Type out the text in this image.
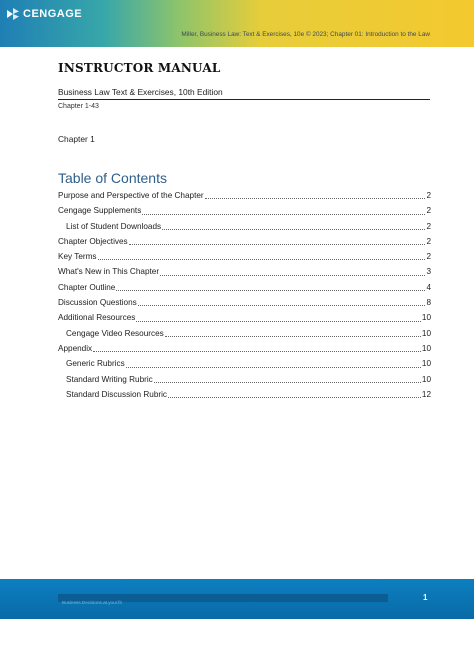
CENGAGE
Miller, Business Law: Text & Exercises, 10e © 2023; Chapter 01: Introduction to the Law
INSTRUCTOR MANUAL
Business Law Text & Exercises, 10th Edition
Chapter 1-43
Chapter 1
Table of Contents
Purpose and Perspective of the Chapter	2
Cengage Supplements	2
List of Student Downloads	2
Chapter Objectives	2
Key Terms	2
What's New in This Chapter	3
Chapter Outline	4
Discussion Questions	8
Additional Resources	10
Cengage Video Resources	10
Appendix	10
Generic Rubrics	10
Standard Writing Rubric	10
Standard Discussion Rubric	12
Business.Decisions.at.your.fit
1
